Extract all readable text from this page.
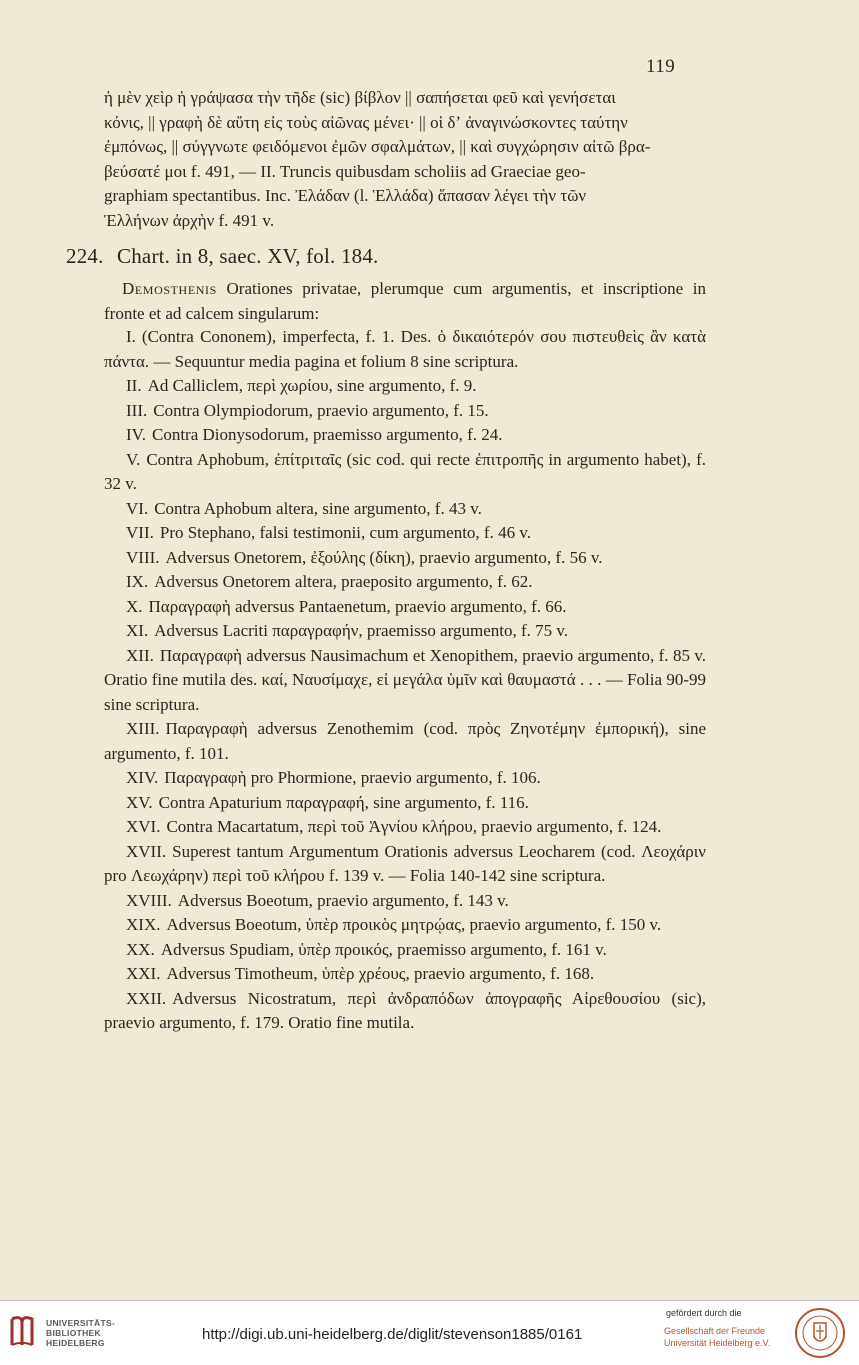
119

ἡ μὲν χεὶρ ἡ γράψασα τὴν τῆδε (sic) βίβλον || σαπήσεται φεῦ καὶ γενήσεται

κόνις, || γραφὴ δὲ αὕτη εἰς τοὺς αἰῶνας μένει· || οἱ δʼ ἀναγινώσκοντες ταύτην

ἐμπόνως, || σύγγνωτε φειδόμενοι ἐμῶν σφαλμάτων, || καὶ συγχώρησιν αἰτῶ βρα-

βεύσατέ μοι f. 491, — II. Truncis quibusdam scholiis ad Graeciae geo-

graphiam spectantibus. Inc. Ἐλάδαν (l. Ἑλλάδα) ἅπασαν λέγει τὴν τῶν

Ἑλλήνων ἀρχὴν f. 491 v.

224. Chart. in 8, saec. XV, fol. 184.

Demosthenis Orationes privatae, plerumque cum argumentis, et inscriptione in fronte et ad calcem singularum:

I. (Contra Cononem), imperfecta, f. 1. Des. ὁ δικαιότερόν σου πιστευθεὶς ἂν κατὰ πάντα. — Sequuntur media pagina et folium 8 sine scriptura.

II. Ad Calliclem, περὶ χωρίου, sine argumento, f. 9.

III. Contra Olympiodorum, praevio argumento, f. 15.

IV. Contra Dionysodorum, praemisso argumento, f. 24.

V. Contra Aphobum, ἐπίτριταῖς (sic cod. qui recte ἐπιτροπῆς in argumento habet), f. 32 v.

VI. Contra Aphobum altera, sine argumento, f. 43 v.

VII. Pro Stephano, falsi testimonii, cum argumento, f. 46 v.

VIII. Adversus Onetorem, ἐξούλης (δίκη), praevio argumento, f. 56 v.

IX. Adversus Onetorem altera, praeposito argumento, f. 62.

X. Παραγραφὴ adversus Pantaenetum, praevio argumento, f. 66.

XI. Adversus Lacriti παραγραφήν, praemisso argumento, f. 75 v.

XII. Παραγραφὴ adversus Nausimachum et Xenopithem, praevio argumento, f. 85 v. Oratio fine mutila des. καί, Ναυσίμαχε, εἰ μεγάλα ὑμῖν καὶ θαυμαστά . . . — Folia 90-99 sine scriptura.

XIII. Παραγραφὴ adversus Zenothemim (cod. πρὸς Ζηνοτέμην ἐμπορική), sine argumento, f. 101.

XIV. Παραγραφὴ pro Phormione, praevio argumento, f. 106.

XV. Contra Apaturium παραγραφή, sine argumento, f. 116.

XVI. Contra Macartatum, περὶ τοῦ Ἁγνίου κλήρου, praevio argumento, f. 124.

XVII. Superest tantum Argumentum Orationis adversus Leocharem (cod. Λεοχάριν pro Λεωχάρην) περὶ τοῦ κλήρου f. 139 v. — Folia 140-142 sine scriptura.

XVIII. Adversus Boeotum, praevio argumento, f. 143 v.

XIX. Adversus Boeotum, ὑπὲρ προικὸς μητρῴας, praevio argumento, f. 150 v.

XX. Adversus Spudiam, ὑπὲρ προικός, praemisso argumento, f. 161 v.

XXI. Adversus Timotheum, ὑπὲρ χρέους, praevio argumento, f. 168.

XXII. Adversus Nicostratum, περὶ ἀνδραπόδων ἀπογραφῆς Αἰρεθουσίου (sic), praevio argumento, f. 179. Oratio fine mutila.

UNIVERSITÄTS-
BIBLIOTHEK
HEIDELBERG	http://digi.ub.uni-heidelberg.de/diglit/stevenson1885/0161
gefördert durch die
Gesellschaft der Freunde
Universität Heidelberg e.V.
